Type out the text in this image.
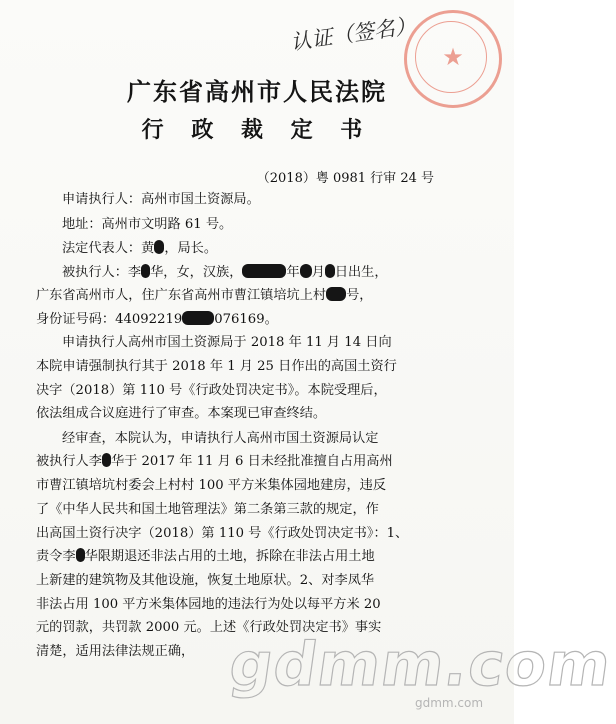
认证（签名）
★
广东省高州市人民法院
行 政 裁 定 书
（2018）粤 0981 行审 24 号
申请执行人：高州市国土资源局。
地址：高州市文明路 61 号。
法定代表人：黄 ，局长。
被执行人：李 华，女，汉族，	年 月 日出生，
广东省高州市人，住广东省高州市曹江镇培坑上村 号，
身份证号码：44092219 076169。
申请执行人高州市国土资源局于 2018 年 11 月 14 日向
本院申请强制执行其于 2018 年 1 月 25 日作出的高国土资行
决字（2018）第 110 号《行政处罚决定书》。本院受理后，
依法组成合议庭进行了审查。本案现已审查终结。
经审查，本院认为，申请执行人高州市国土资源局认定
被执行人李 华于 2017 年 11 月 6 日未经批准擅自占用高州
市曹江镇培坑村委会上村村 100 平方米集体园地建房，违反
了《中华人民共和国土地管理法》第二条第三款的规定，作
出高国土资行决字（2018）第 110 号《行政处罚决定书》：1、
责令李 华限期退还非法占用的土地，拆除在非法占用土地
上新建的建筑物及其他设施，恢复土地原状。2、对李凤华
非法占用 100 平方米集体园地的违法行为处以每平方米 20
元的罚款，共罚款 2000 元。上述《行政处罚决定书》事实
清楚，适用法律法规正确， gdmm.com
gdmm.com
